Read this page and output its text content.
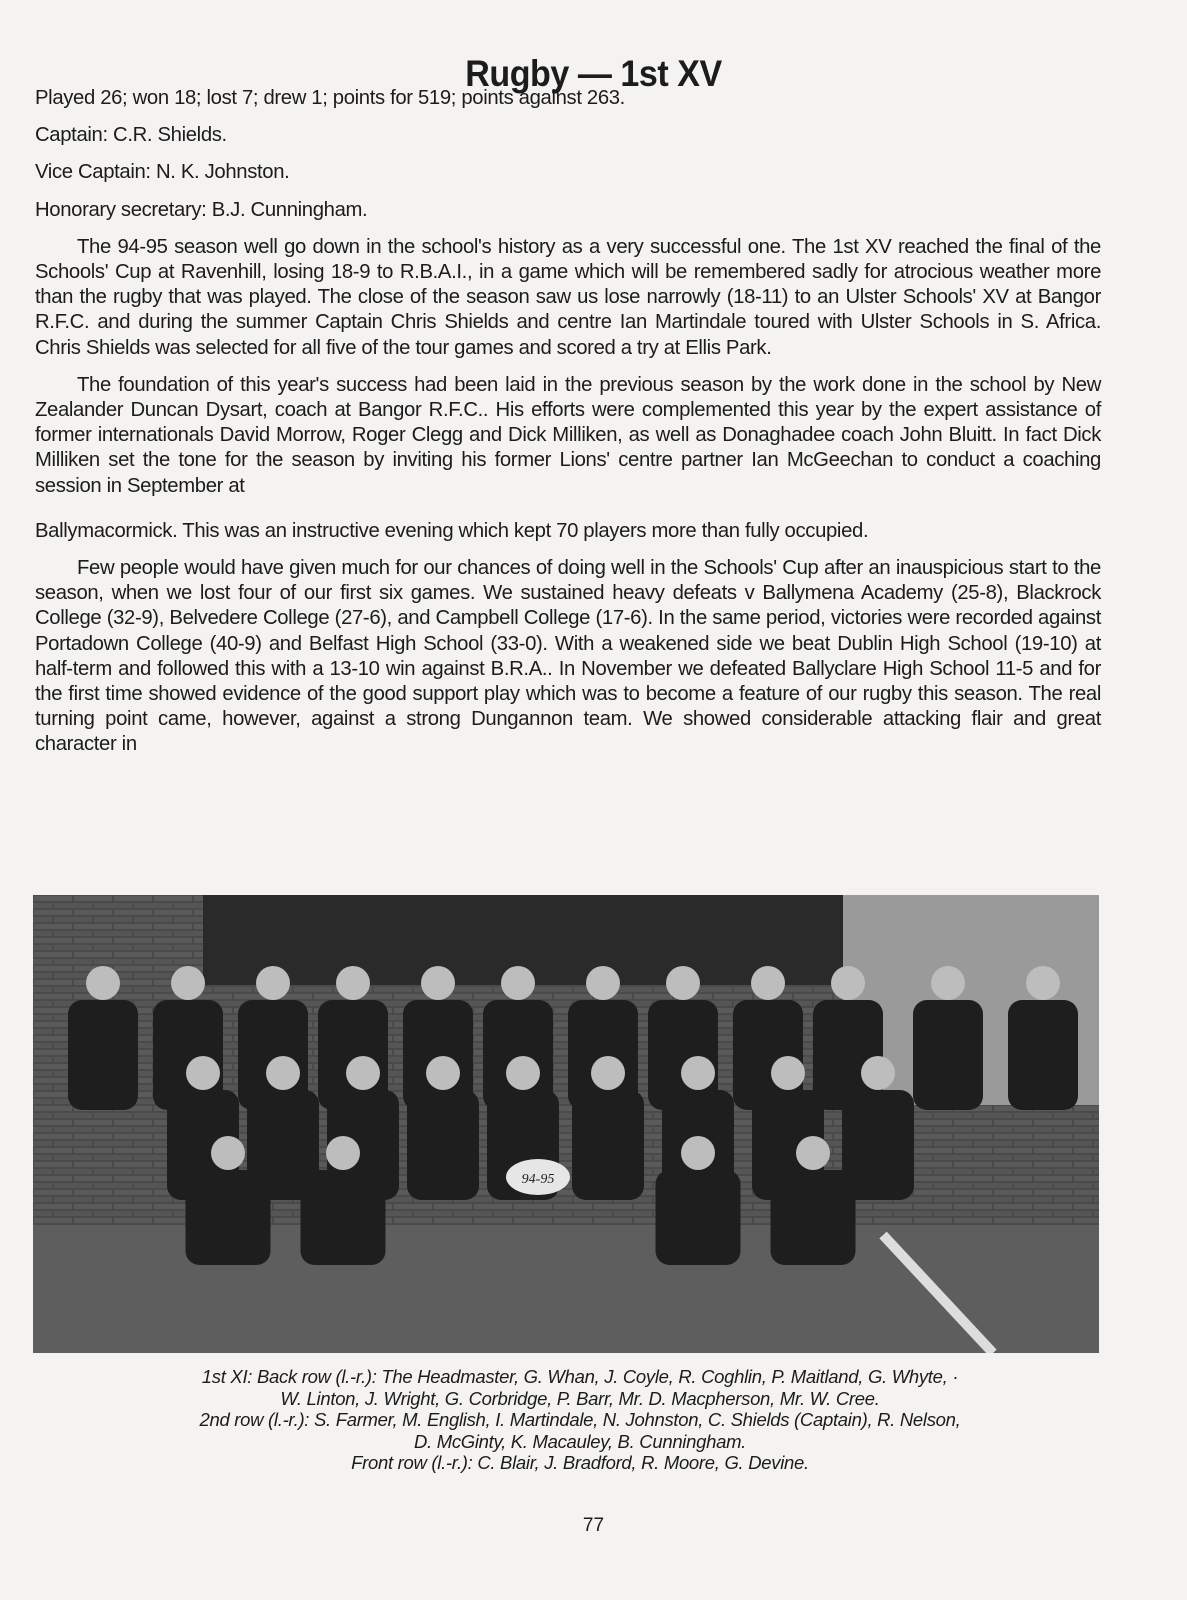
Rugby — 1st XV

Played 26; won 18; lost 7; drew 1; points for 519; points against 263.

Captain: C.R. Shields.

Vice Captain: N. K. Johnston.

Honorary secretary: B.J. Cunningham.

The 94-95 season well go down in the school's history as a very successful one. The 1st XV reached the final of the Schools' Cup at Ravenhill, losing 18-9 to R.B.A.I., in a game which will be remembered sadly for atrocious weather more than the rugby that was played. The close of the season saw us lose narrowly (18-11) to an Ulster Schools' XV at Bangor R.F.C. and during the summer Captain Chris Shields and centre Ian Martindale toured with Ulster Schools in S. Africa. Chris Shields was selected for all five of the tour games and scored a try at Ellis Park.

The foundation of this year's success had been laid in the previous season by the work done in the school by New Zealander Duncan Dysart, coach at Bangor R.F.C.. His efforts were complemented this year by the expert assistance of former internationals David Morrow, Roger Clegg and Dick Milliken, as well as Donaghadee coach John Bluitt. In fact Dick Milliken set the tone for the season by inviting his former Lions' centre partner Ian McGeechan to conduct a coaching session in September at

Ballymacormick. This was an instructive evening which kept 70 players more than fully occupied.

Few people would have given much for our chances of doing well in the Schools' Cup after an inauspicious start to the season, when we lost four of our first six games. We sustained heavy defeats v Ballymena Academy (25-8), Blackrock College (32-9), Belvedere College (27-6), and Campbell College (17-6). In the same period, victories were recorded against Portadown College (40-9) and Belfast High School (33-0). With a weakened side we beat Dublin High School (19-10) at half-term and followed this with a 13-10 win against B.R.A.. In November we defeated Ballyclare High School 11-5 and for the first time showed evidence of the good support play which was to become a feature of our rugby this season. The real turning point came, however, against a strong Dungannon team. We showed considerable attacking flair and great character in

94-95
1st XI: Back row (l.-r.): The Headmaster, G. Whan, J. Coyle, R. Coghlin, P. Maitland, G. Whyte, ·
W. Linton, J. Wright, G. Corbridge, P. Barr, Mr. D. Macpherson, Mr. W. Cree.
2nd row (l.-r.): S. Farmer, M. English, I. Martindale, N. Johnston, C. Shields (Captain), R. Nelson,
D. McGinty, K. Macauley, B. Cunningham.
Front row (l.-r.): C. Blair, J. Bradford, R. Moore, G. Devine.
77
